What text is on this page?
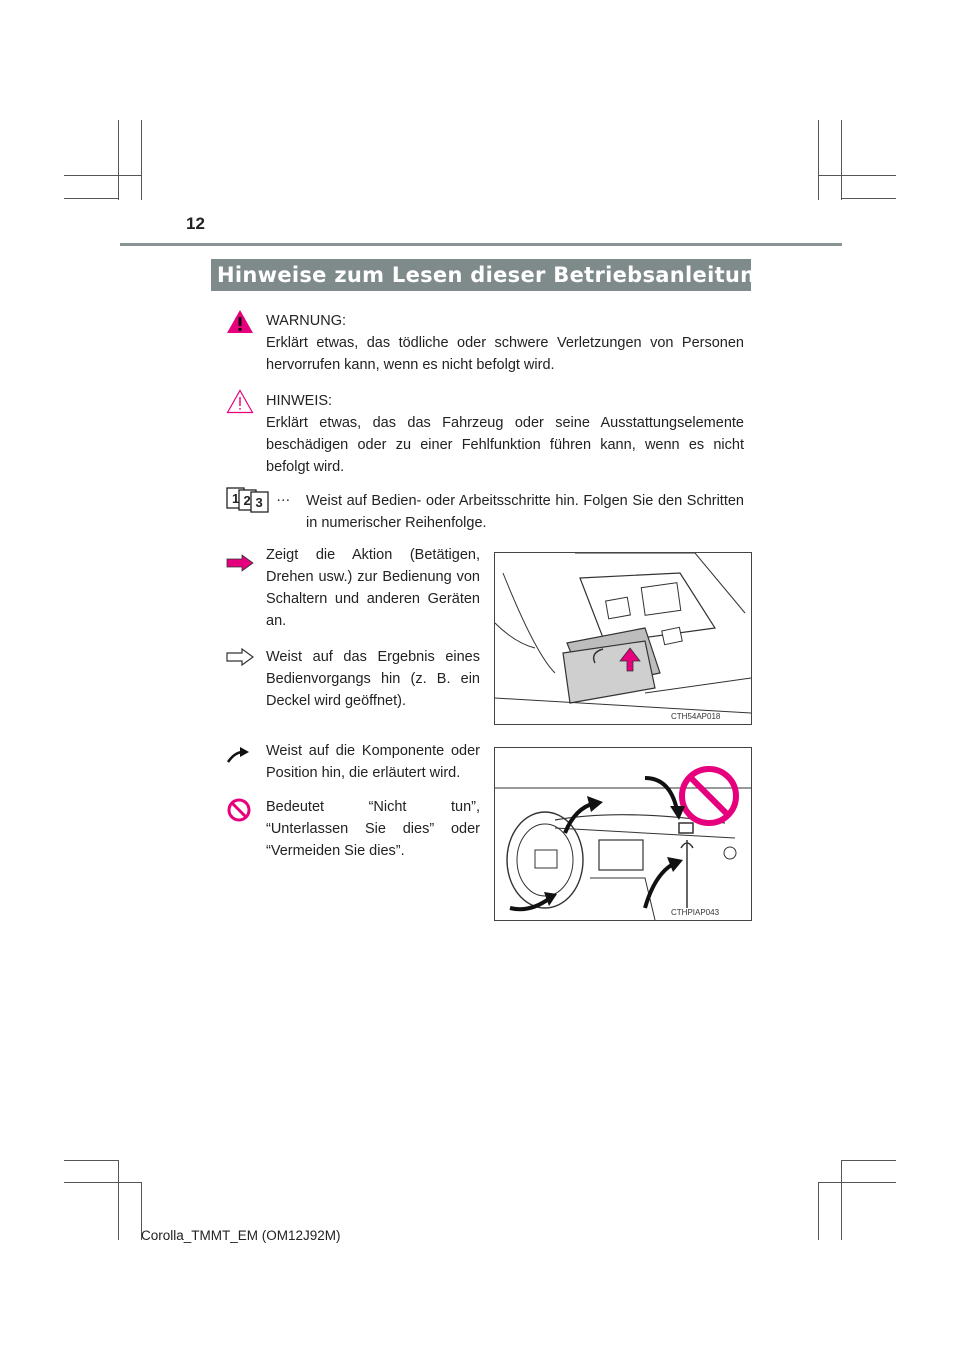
12
Hinweise zum Lesen dieser Betriebsanleitung

WARNUNG:

Erklärt etwas, das tödliche oder schwere Verletzungen von Personen hervorrufen kann, wenn es nicht befolgt wird.

HINWEIS:

Erklärt etwas, das das Fahrzeug oder seine Ausstattungselemente beschädigen oder zu einer Fehlfunktion führen kann, wenn es nicht befolgt wird.

1 2 3 … Weist auf Bedien- oder Arbeitsschritte hin. Folgen Sie den Schritten in numerischer Reihenfolge.
Zeigt die Aktion (Betätigen, Drehen usw.) zur Bedienung von Schaltern und anderen Geräten an.
Weist auf das Ergebnis eines Bedienvorgangs hin (z. B. ein Deckel wird geöffnet).
Weist auf die Komponente oder Position hin, die erläutert wird.
Bedeutet “Nicht tun”, “Unterlassen Sie dies” oder “Vermeiden Sie dies”.
CTH54AP018
CTHPIAP043
Corolla_TMMT_EM (OM12J92M)
